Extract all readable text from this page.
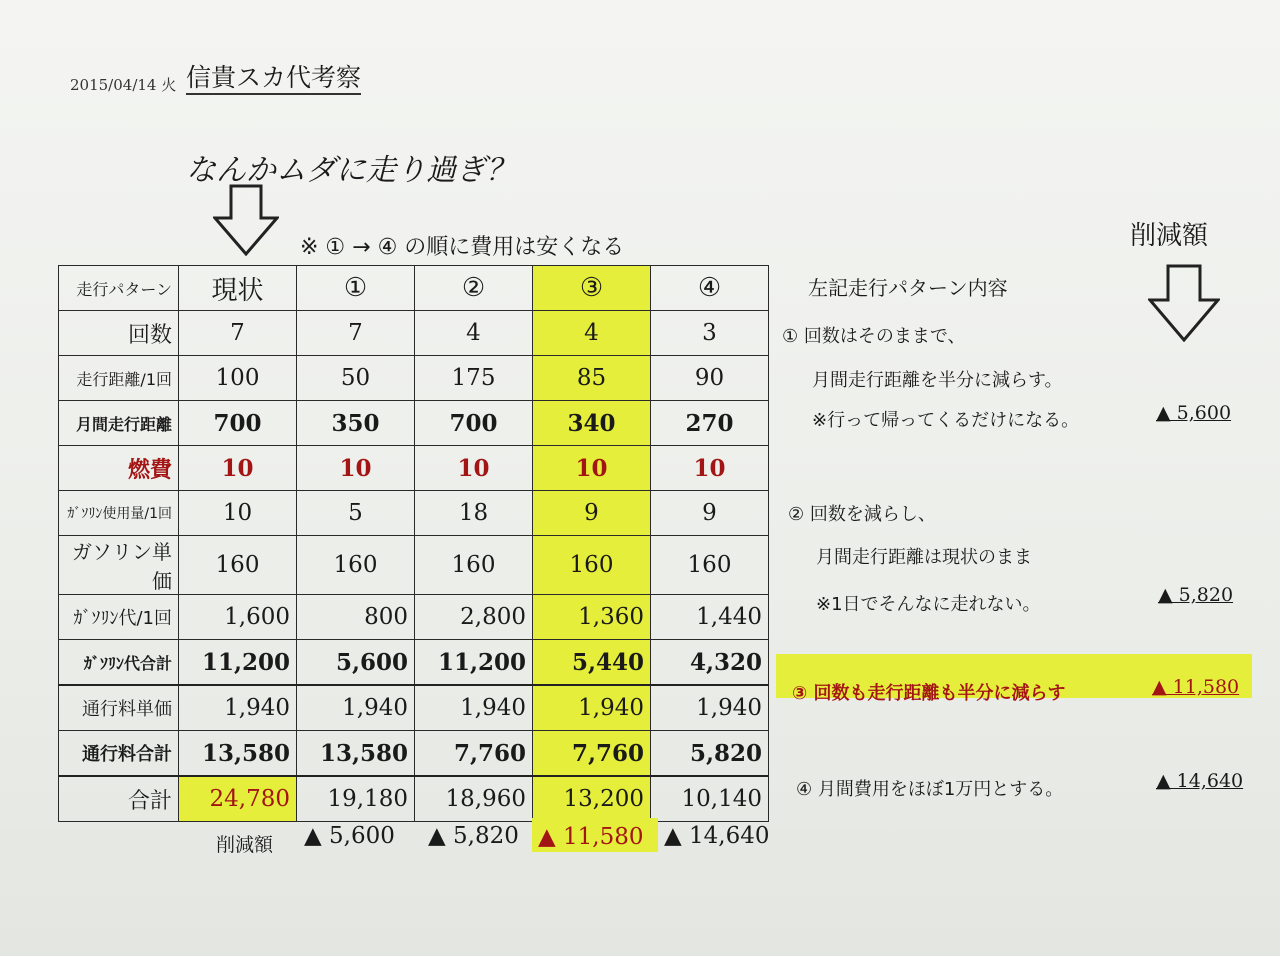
2015/04/14 火 信貴スカ代考察
なんかムダに走り過ぎ？
※ ① → ④ の順に費用は安くなる	削減額
走行パターン	現状	①	②	③	④
回数	7	7	4	4	3
走行距離/1回	100	50	175	85	90
月間走行距離	700	350	700	340	270
燃費	10	10	10	10	10
ｶﾞｿﾘﾝ使用量/1回	10	5	18	9	9
ガソリン単価	160	160	160	160	160
ｶﾞｿﾘﾝ代/1回	1,600	800	2,800	1,360	1,440
ｶﾞｿﾘﾝ代合計	11,200	5,600	11,200	5,440	4,320
通行料単価	1,940	1,940	1,940	1,940	1,940
通行料合計	13,580	13,580	7,760	7,760	5,820
合計	24,780	19,180	18,960	13,200	10,140
削減額 ▲ 5,600 ▲ 5,820 ▲ 11,580 ▲ 14,640
左記走行パターン内容
① 回数はそのままで、
月間走行距離を半分に減らす。
※行って帰ってくるだけになる。	▲ 5,600
② 回数を減らし、
月間走行距離は現状のまま
※1日でそんなに走れない。	▲ 5,820
③ 回数も走行距離も半分に減らす	▲ 11,580
④ 月間費用をほぼ1万円とする。	▲ 14,640
